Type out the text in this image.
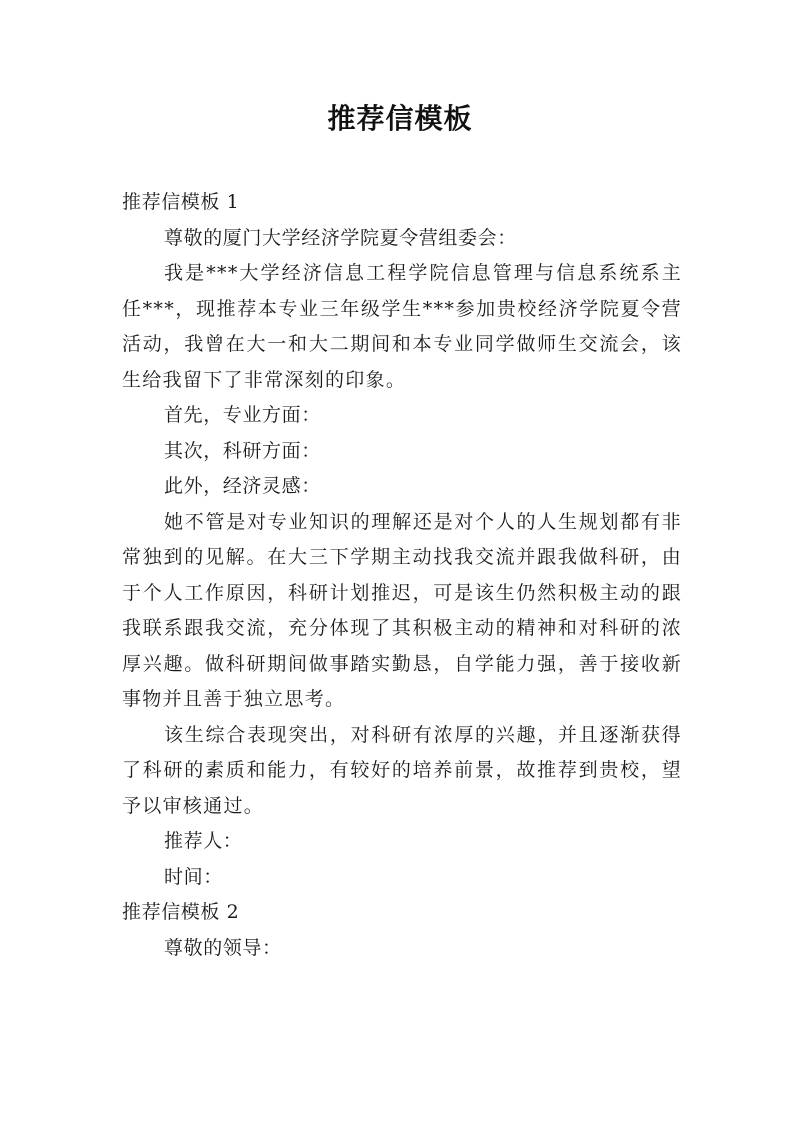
推荐信模板
推荐信模板 1
尊敬的厦门大学经济学院夏令营组委会：
我是***大学经济信息工程学院信息管理与信息系统系主任***，现推荐本专业三年级学生***参加贵校经济学院夏令营活动，我曾在大一和大二期间和本专业同学做师生交流会，该生给我留下了非常深刻的印象。
首先，专业方面：
其次，科研方面：
此外，经济灵感：
她不管是对专业知识的理解还是对个人的人生规划都有非常独到的见解。在大三下学期主动找我交流并跟我做科研，由于个人工作原因，科研计划推迟，可是该生仍然积极主动的跟我联系跟我交流，充分体现了其积极主动的精神和对科研的浓厚兴趣。做科研期间做事踏实勤恳，自学能力强，善于接收新事物并且善于独立思考。
该生综合表现突出，对科研有浓厚的兴趣，并且逐渐获得了科研的素质和能力，有较好的培养前景，故推荐到贵校，望予以审核通过。
推荐人：
时间：
推荐信模板 2
尊敬的领导：
